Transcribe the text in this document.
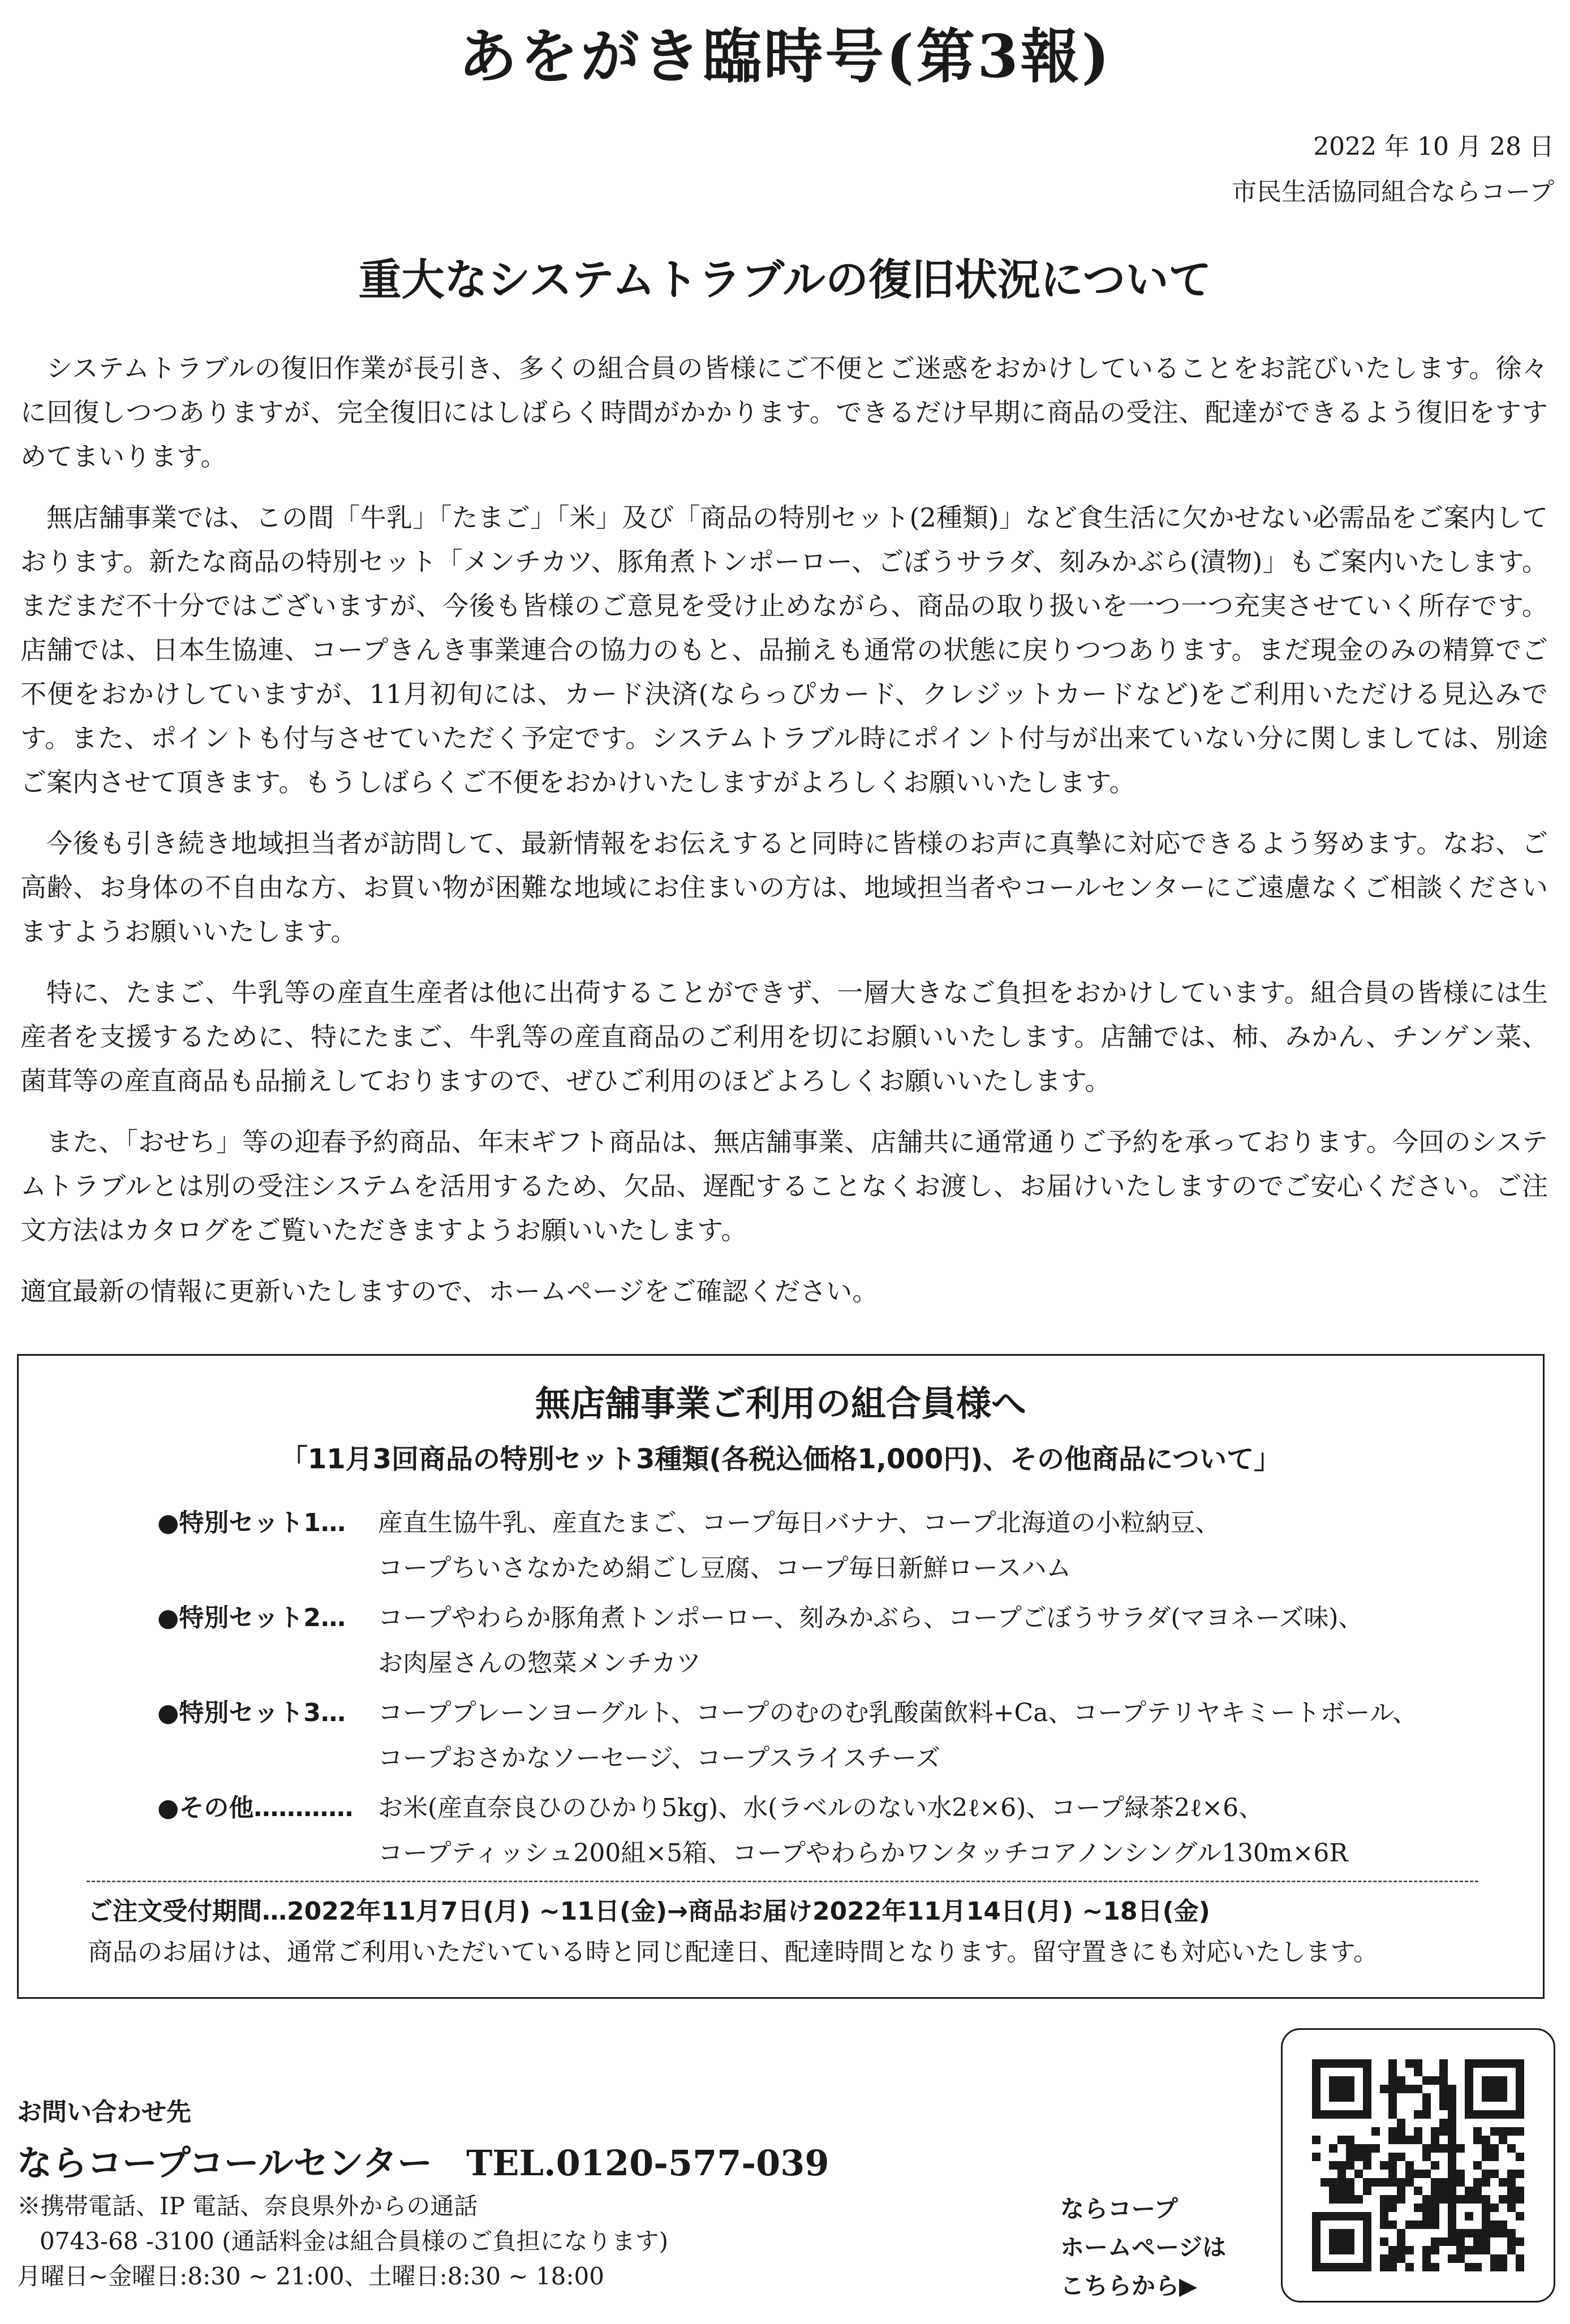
あをがき臨時号(第3報)
2022 年 10 月 28 日
市民生活協同組合ならコープ
重大なシステムトラブルの復旧状況について

システムトラブルの復旧作業が長引き、多くの組合員の皆様にご不便とご迷惑をおかけしていることをお詫びいたします。徐々に回復しつつありますが、完全復旧にはしばらく時間がかかります。できるだけ早期に商品の受注、配達ができるよう復旧をすすめてまいります。

無店舗事業では、この間「牛乳」「たまご」「米」及び「商品の特別セット(2種類)」など食生活に欠かせない必需品をご案内しております。新たな商品の特別セット「メンチカツ、豚角煮トンポーロー、ごぼうサラダ、刻みかぶら(漬物)」もご案内いたします。まだまだ不十分ではございますが、今後も皆様のご意見を受け止めながら、商品の取り扱いを一つ一つ充実させていく所存です。店舗では、日本生協連、コープきんき事業連合の協力のもと、品揃えも通常の状態に戻りつつあります。まだ現金のみの精算でご不便をおかけしていますが、11月初旬には、カード決済(ならっぴカード、クレジットカードなど)をご利用いただける見込みです。また、ポイントも付与させていただく予定です。システムトラブル時にポイント付与が出来ていない分に関しましては、別途ご案内させて頂きます。もうしばらくご不便をおかけいたしますがよろしくお願いいたします。

今後も引き続き地域担当者が訪問して、最新情報をお伝えすると同時に皆様のお声に真摯に対応できるよう努めます。なお、ご高齢、お身体の不自由な方、お買い物が困難な地域にお住まいの方は、地域担当者やコールセンターにご遠慮なくご相談くださいますようお願いいたします。

特に、たまご、牛乳等の産直生産者は他に出荷することができず、一層大きなご負担をおかけしています。組合員の皆様には生産者を支援するために、特にたまご、牛乳等の産直商品のご利用を切にお願いいたします。店舗では、柿、みかん、チンゲン菜、菌茸等の産直商品も品揃えしておりますので、ぜひご利用のほどよろしくお願いいたします。

また、「おせち」等の迎春予約商品、年末ギフト商品は、無店舗事業、店舗共に通常通りご予約を承っております。今回のシステムトラブルとは別の受注システムを活用するため、欠品、遅配することなくお渡し、お届けいたしますのでご安心ください。ご注文方法はカタログをご覧いただきますようお願いいたします。

適宜最新の情報に更新いたしますので、ホームページをご確認ください。

無店舗事業ご利用の組合員様へ
「11月3回商品の特別セット3種類(各税込価格1,000円)、その他商品について」
●特別セット1…	産直生協牛乳、産直たまご、コープ毎日バナナ、コープ北海道の小粒納豆、
コープちいさなかため絹ごし豆腐、コープ毎日新鮮ロースハム
●特別セット2…	コープやわらか豚角煮トンポーロー、刻みかぶら、コープごぼうサラダ(マヨネーズ味)、
お肉屋さんの惣菜メンチカツ
●特別セット3…	コーププレーンヨーグルト、コープのむのむ乳酸菌飲料+Ca、コープテリヤキミートボール、
コープおさかなソーセージ、コープスライスチーズ
●その他………… お米(産直奈良ひのひかり5kg)、水(ラベルのない水2ℓ×6)、コープ緑茶2ℓ×6、
コープティッシュ200組×5箱、コープやわらかワンタッチコアノンシングル130m×6R
ご注文受付期間…2022年11月7日(月) ~11日(金)→商品お届け2022年11月14日(月) ~18日(金)
商品のお届けは、通常ご利用いただいている時と同じ配達日、配達時間となります。留守置きにも対応いたします。
お問い合わせ先
ならコープコールセンター TEL.0120-577-039
※携帯電話、IP 電話、奈良県外からの通話
0743-68 -3100 (通話料金は組合員様のご負担になります)
月曜日~金曜日:8:30 ~ 21:00、土曜日:8:30 ~ 18:00
ならコープ
ホームページは
こちらから▶
